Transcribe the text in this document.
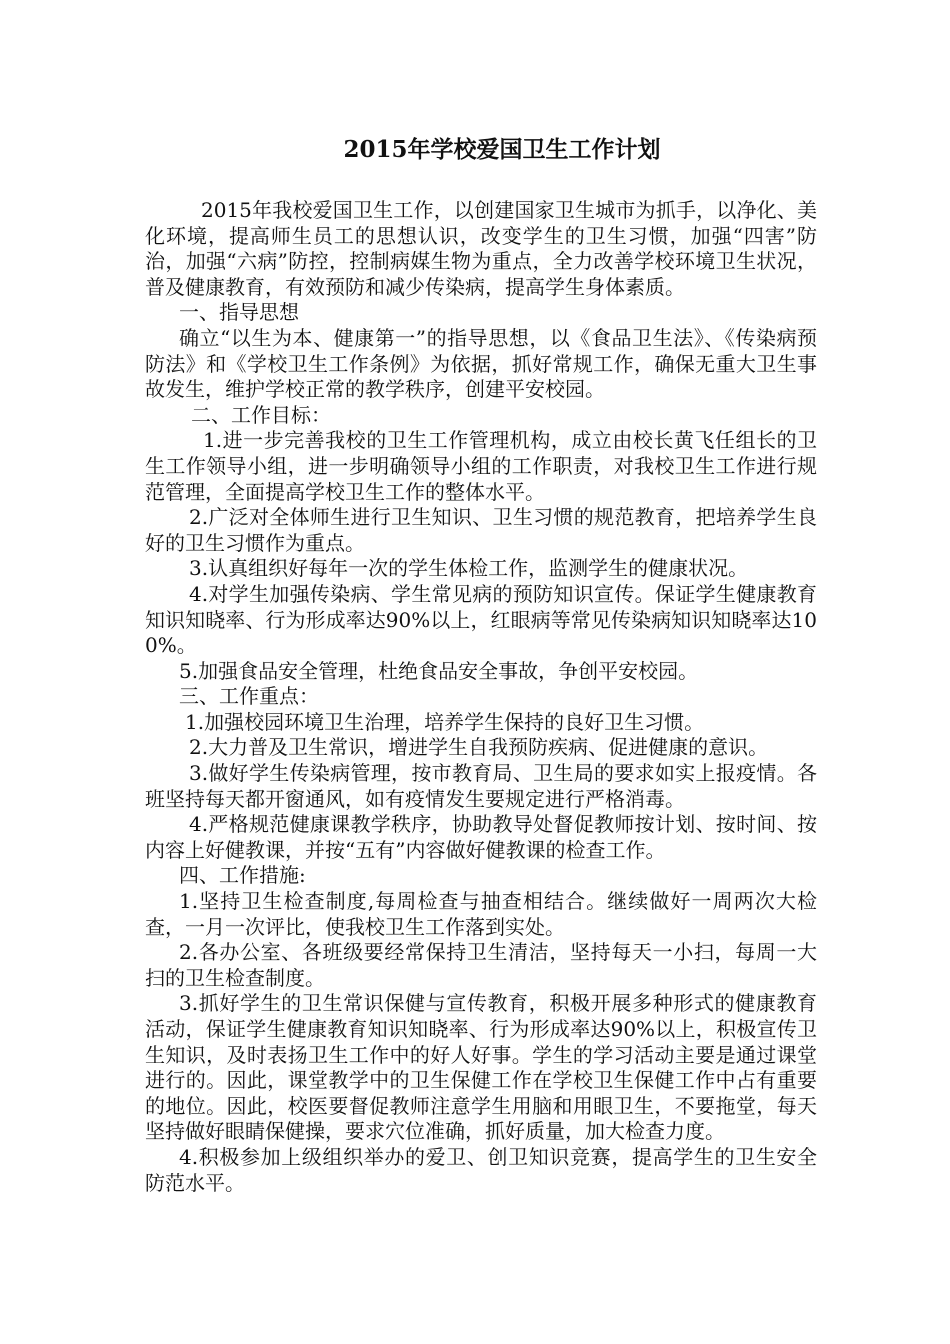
2015年学校爱国卫生工作计划

2015年我校爱国卫生工作，以创建国家卫生城市为抓手，以净化、美化环境，提高师生员工的思想认识，改变学生的卫生习惯，加强“四害”防治，加强“六病”防控，控制病媒生物为重点，全力改善学校环境卫生状况，普及健康教育，有效预防和减少传染病，提高学生身体素质。

一、指导思想

确立“以生为本、健康第一”的指导思想，以《食品卫生法》、《传染病预防法》和《学校卫生工作条例》为依据，抓好常规工作，确保无重大卫生事故发生，维护学校正常的教学秩序，创建平安校园。

二、工作目标：

1.进一步完善我校的卫生工作管理机构，成立由校长黄飞任组长的卫生工作领导小组，进一步明确领导小组的工作职责，对我校卫生工作进行规范管理，全面提高学校卫生工作的整体水平。

2.广泛对全体师生进行卫生知识、卫生习惯的规范教育，把培养学生良好的卫生习惯作为重点。

3.认真组织好每年一次的学生体检工作，监测学生的健康状况。

4.对学生加强传染病、学生常见病的预防知识宣传。保证学生健康教育知识知晓率、行为形成率达90%以上，红眼病等常见传染病知识知晓率达100%。

5.加强食品安全管理，杜绝食品安全事故，争创平安校园。

三、工作重点：

1.加强校园环境卫生治理，培养学生保持的良好卫生习惯。

2.大力普及卫生常识，增进学生自我预防疾病、促进健康的意识。

3.做好学生传染病管理，按市教育局、卫生局的要求如实上报疫情。各班坚持每天都开窗通风，如有疫情发生要规定进行严格消毒。

4.严格规范健康课教学秩序，协助教导处督促教师按计划、按时间、按内容上好健教课，并按“五有”内容做好健教课的检查工作。

四、工作措施:

1.坚持卫生检查制度,每周检查与抽查相结合。继续做好一周两次大检查，一月一次评比，使我校卫生工作落到实处。

2.各办公室、各班级要经常保持卫生清洁，坚持每天一小扫，每周一大扫的卫生检查制度。

3.抓好学生的卫生常识保健与宣传教育，积极开展多种形式的健康教育活动，保证学生健康教育知识知晓率、行为形成率达90%以上，积极宣传卫生知识，及时表扬卫生工作中的好人好事。学生的学习活动主要是通过课堂进行的。因此，课堂教学中的卫生保健工作在学校卫生保健工作中占有重要的地位。因此，校医要督促教师注意学生用脑和用眼卫生，不要拖堂，每天坚持做好眼睛保健操，要求穴位准确，抓好质量，加大检查力度。

4.积极参加上级组织举办的爱卫、创卫知识竞赛，提高学生的卫生安全防范水平。
